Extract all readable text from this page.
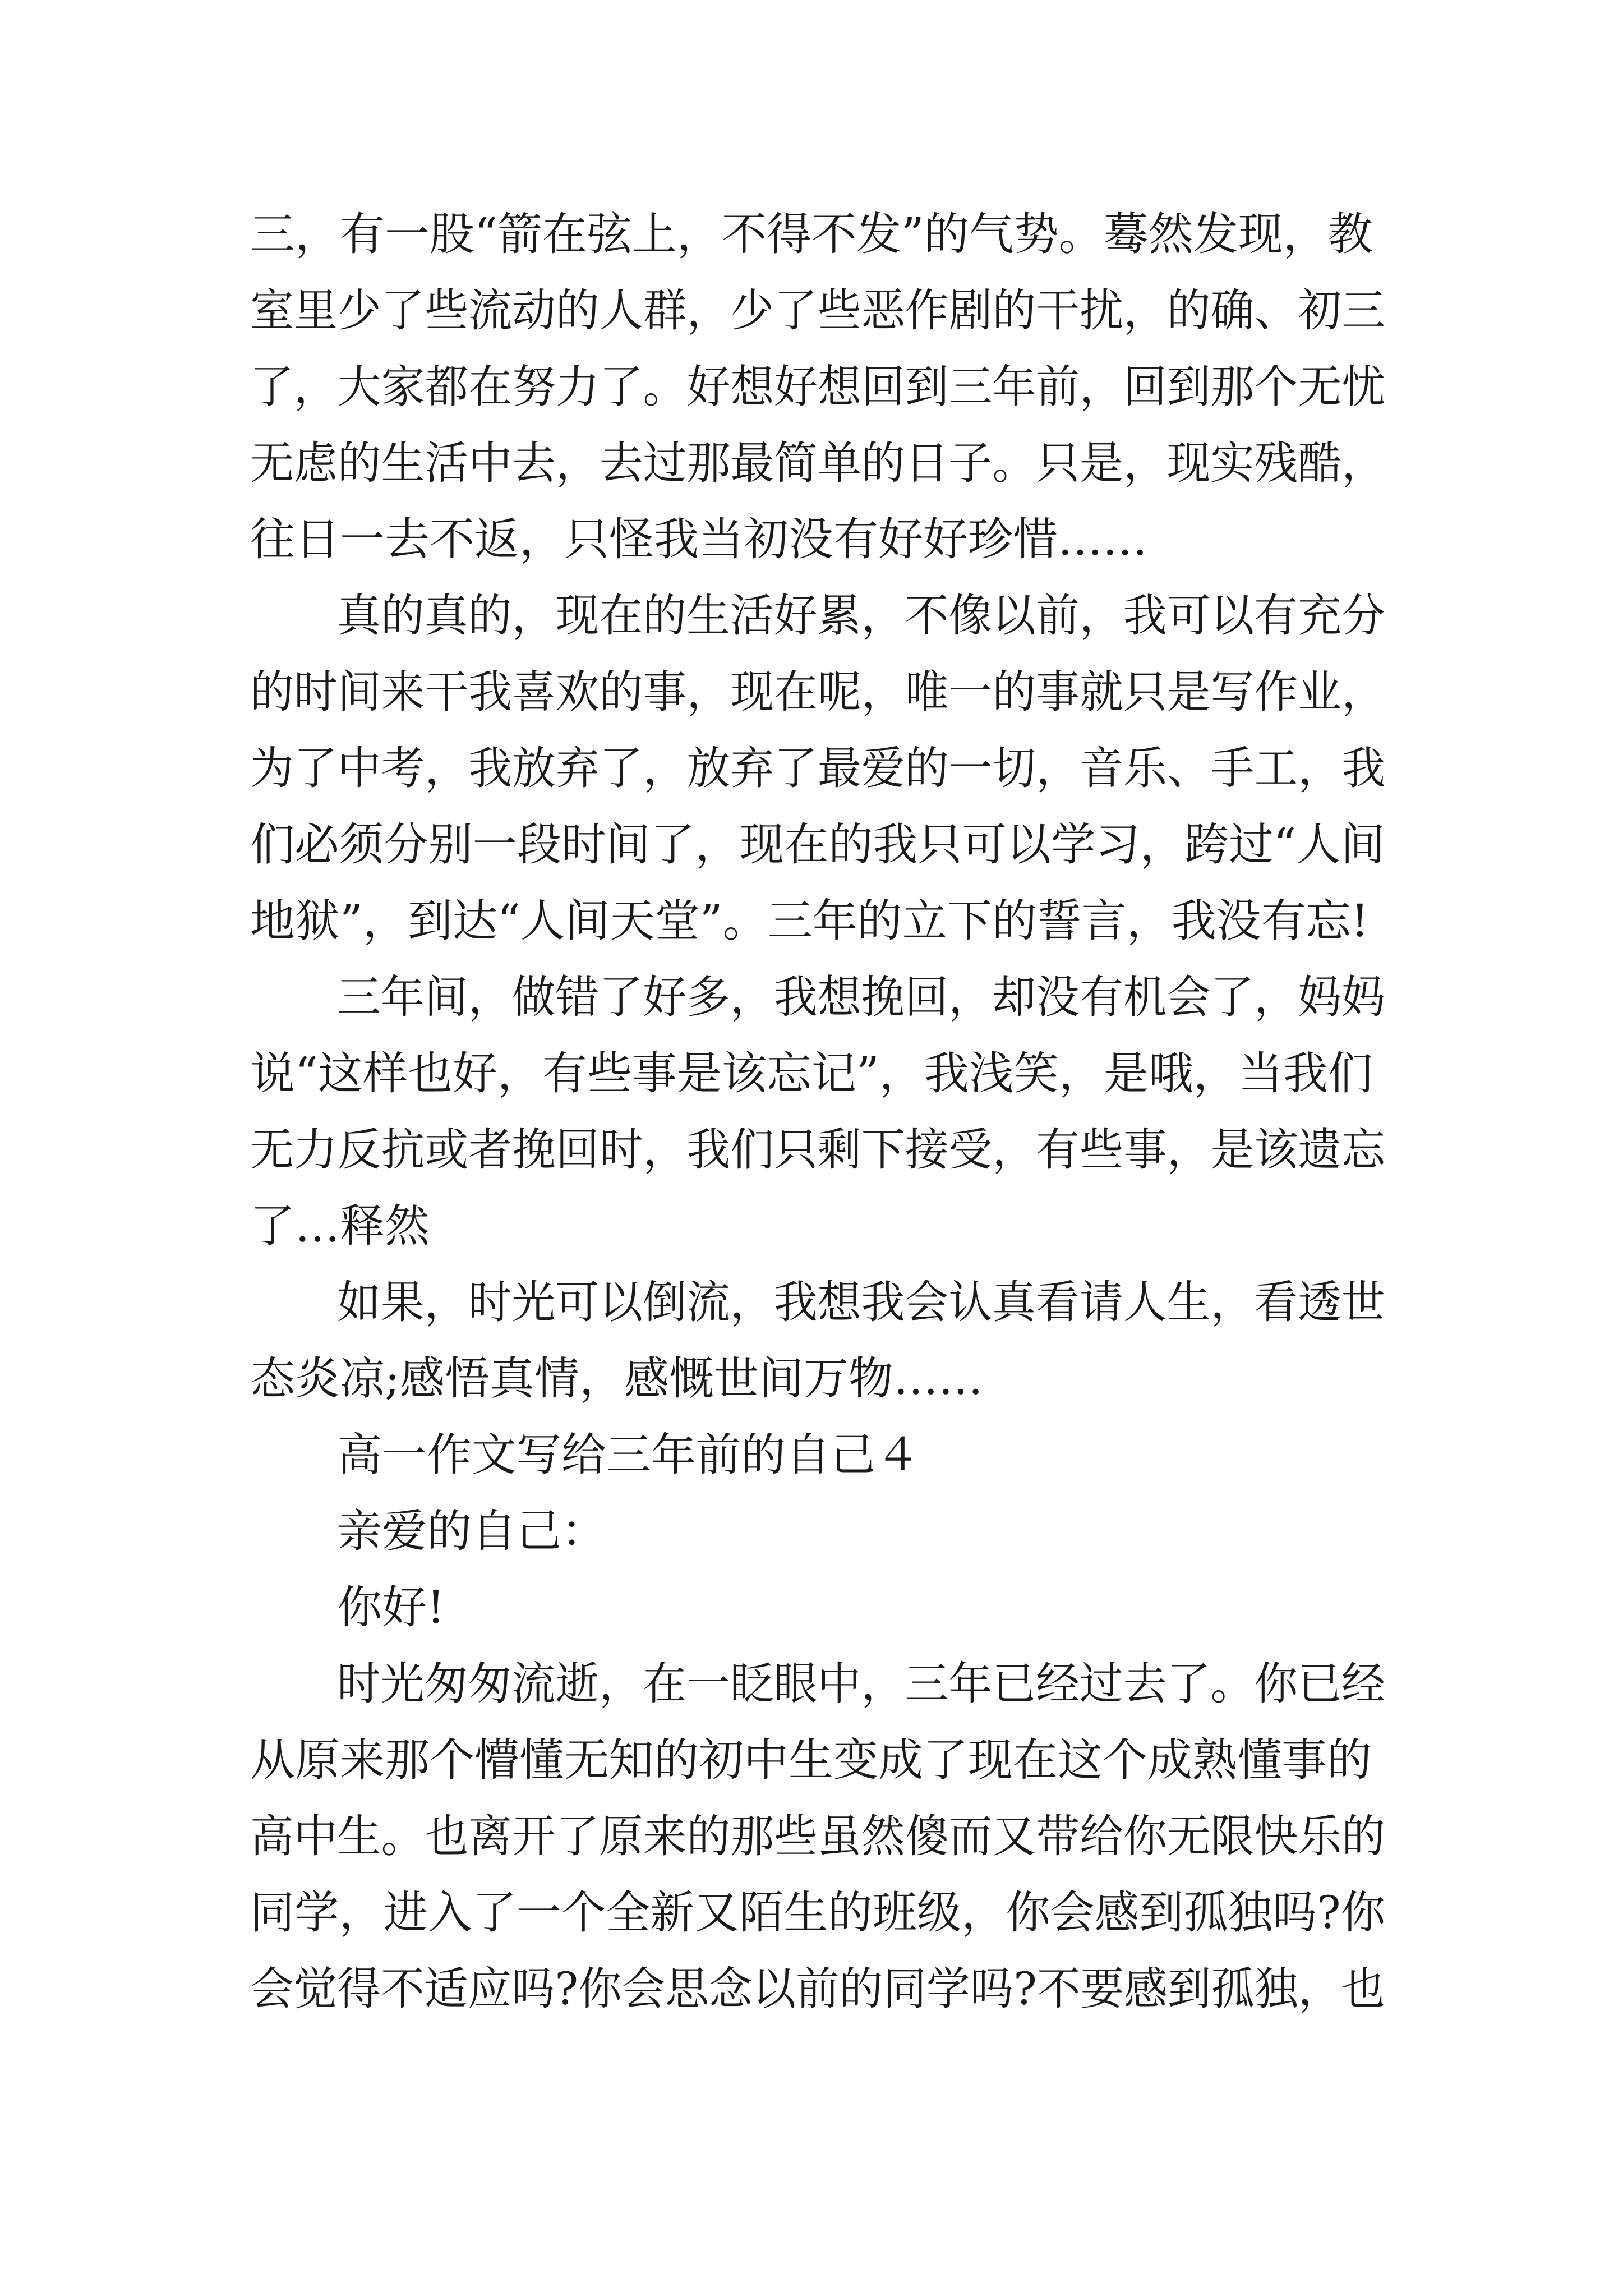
三，有一股“箭在弦上，不得不发”的气势。蓦然发现，教
室里少了些流动的人群，少了些恶作剧的干扰，的确、初三
了，大家都在努力了。好想好想回到三年前，回到那个无忧
无虑的生活中去，去过那最简单的日子。只是，现实残酷，
往日一去不返，只怪我当初没有好好珍惜……
真的真的，现在的生活好累，不像以前，我可以有充分
的时间来干我喜欢的事，现在呢，唯一的事就只是写作业，
为了中考，我放弃了，放弃了最爱的一切，音乐、手工，我
们必须分别一段时间了，现在的我只可以学习，跨过“人间
地狱”，到达“人间天堂”。三年的立下的誓言，我没有忘!
三年间，做错了好多，我想挽回，却没有机会了，妈妈
说“这样也好，有些事是该忘记”，我浅笑，是哦，当我们
无力反抗或者挽回时，我们只剩下接受，有些事，是该遗忘
了…释然
如果，时光可以倒流，我想我会认真看请人生，看透世
态炎凉;感悟真情，感慨世间万物……
高一作文写给三年前的自己４
亲爱的自己：
你好!
时光匆匆流逝，在一眨眼中，三年已经过去了。你已经
从原来那个懵懂无知的初中生变成了现在这个成熟懂事的
高中生。也离开了原来的那些虽然傻而又带给你无限快乐的
同学，进入了一个全新又陌生的班级，你会感到孤独吗?你
会觉得不适应吗?你会思念以前的同学吗?不要感到孤独，也
